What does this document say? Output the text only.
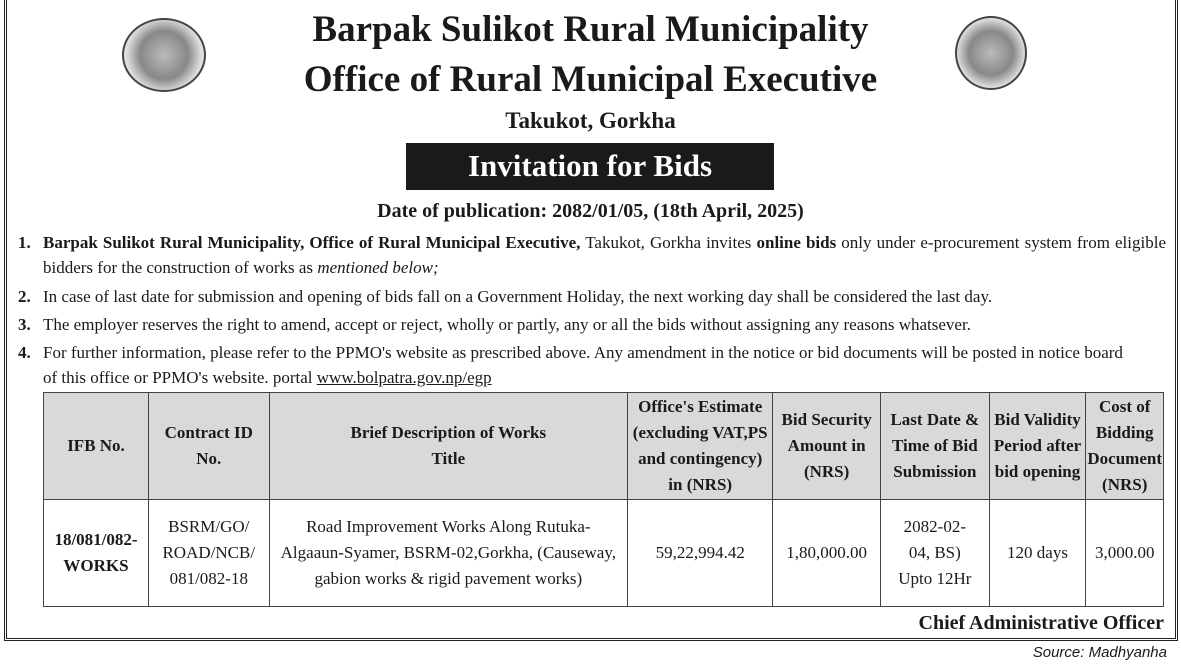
Barpak Sulikot Rural Municipality
Office of Rural Municipal Executive
Takukot, Gorkha
Invitation for Bids
Date of publication: 2082/01/05, (18th April, 2025)
1. Barpak Sulikot Rural Municipality, Office of Rural Municipal Executive, Takukot, Gorkha invites online bids only under e-procurement system from eligible bidders for the construction of works as mentioned below;
2. In case of last date for submission and opening of bids fall on a Government Holiday, the next working day shall be considered the last day.
3. The employer reserves the right to amend, accept or reject, wholly or partly, any or all the bids without assigning any reasons whatsever.
4. For further information, please refer to the PPMO's website as prescribed above. Any amendment in the notice or bid documents will be posted in notice board of this office or PPMO's website. portal www.bolpatra.gov.np/egp
IFB No.	Contract ID No.	Brief Description of Works Title	Office's Estimate (excluding VAT,PS and contingency) in (NRS)	Bid Security Amount in (NRS)	Last Date & Time of Bid Submission	Bid Validity Period after bid opening	Cost of Bidding Document (NRS)
18/081/082-WORKS	BSRM/GO/ ROAD/NCB/ 081/082-18	Road Improvement Works Along Rutuka-Algaaun-Syamer, BSRM-02,Gorkha, (Causeway, gabion works & rigid pavement works)	59,22,994.42	1,80,000.00	2082-02-04, BS) Upto 12Hr	120 days	3,000.00
Chief Administrative Officer
Source: Madhyanha
